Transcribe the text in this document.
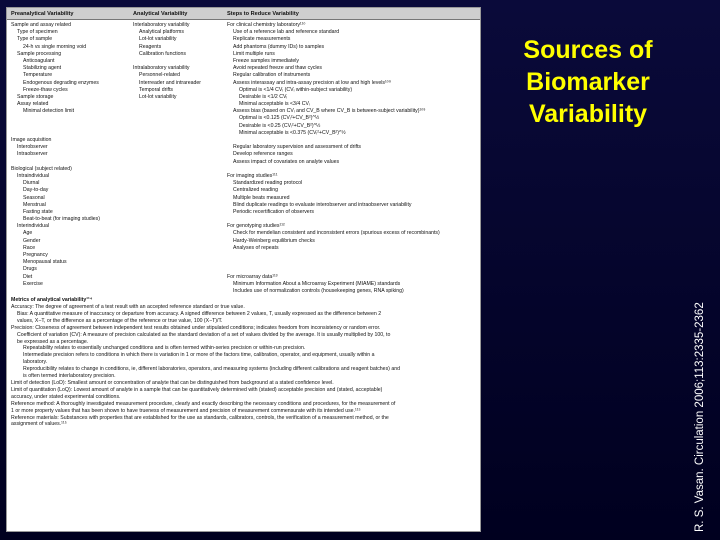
Preanalytical Variability	Analytical Variability	Steps to Reduce Variability
Sample and assay related
Type of specimen
Type of sample
24-h vs single morning void
Sample processing
Anticoagulant
Stabilizing agent
Temperature
Endogenous degrading enzymes
Freeze-thaw cycles
Sample storage
Assay related
Minimal detection limit
Image acquisition
Interobserver
Intraobserver
Biological (subject related)
Intraindividual
Diurnal
Day-to-day
Seasonal
Menstrual
Fasting state
Beat-to-beat (for imaging studies)
Interindividual
Age
Gender
Race
Pregnancy
Menopausal status
Drugs
Diet
Exercise
Interlaboratory variability
Analytical platforms
Lot-lot variability
Reagents
Calibration functions
Intralaboratory variability
Personnel-related
Interreader and intrareader
Temporal drifts
Lot-lot variability
For clinical chemistry laboratory¹¹⁰
Use of a reference lab and reference standard
Replicate measurements
Add phantoms (dummy IDs) to samples
Limit multiple runs
Freeze samples immediately
Avoid repeated freeze and thaw cycles
Regular calibration of instruments
Assess interassay and intra-assay precision at low and high levels¹⁰⁹
Optimal is <1/4 CVᵢ (CVᵢ within-subject variability)
Desirable is <1/2 CVᵢ
Minimal acceptable is <3/4 CVᵢ
Assess bias (based on CVᵢ and CV_B where CV_B is between-subject variability)¹⁰⁹
Optimal is <0.125 (CVᵢ²+CV_B²)^½
Desirable is <0.25 (CVᵢ²+CV_B²)^½
Minimal acceptable is <0.375 (CVᵢ²+CV_B²)^½
Regular laboratory supervision and assessment of drifts
Develop reference ranges
Assess impact of covariates on analyte values
For imaging studies¹¹¹
Standardized reading protocol
Centralized reading
Multiple beats measured
Blind duplicate readings to evaluate interobserver and intraobserver variability
Periodic recertification of observers
For genotyping studies¹¹²
Check for mendelian consistent and inconsistent errors (spurious excess of recombinants)
Hardy-Weinberg equilibrium checks
Analyses of repeats
For microarray data¹¹³
Minimum Information About a Microarray Experiment (MIAME) standards
Includes use of normalization controls (housekeeping genes, RNA spiking)
Metrics of analytical variability¹¹⁴
Accuracy: The degree of agreement of a test result with an accepted reference standard or true value.
Bias: A quantitative measure of inaccuracy or departure from accuracy. A signed difference between 2 values, T, usually expressed as the difference between 2
values, X−T, or the difference as a percentage of the reference or true value, 100 (X−T)/T.
Precision: Closeness of agreement between independent test results obtained under stipulated conditions; indicates freedom from inconsistency or random error.
Coefficient of variation (CV): A measure of precision calculated as the standard deviation of a set of values divided by the average. It is usually multiplied by 100, to
be expressed as a percentage.
Repeatability relates to essentially unchanged conditions and is often termed within-series precision or within-run precision.
Intermediate precision refers to conditions in which there is variation in 1 or more of the factors time, calibration, operator, and equipment, usually within a
laboratory.
Reproducibility relates to change in conditions, ie, different laboratories, operators, and measuring systems (including different calibrations and reagent batches) and
is often termed interlaboratory precision.
Limit of detection (LoD): Smallest amount or concentration of analyte that can be distinguished from background at a stated confidence level.
Limit of quantitation (LoQ): Lowest amount of analyte in a sample that can be quantitatively determined with (stated) acceptable precision and (stated, acceptable)
accuracy, under stated experimental conditions.
Reference method: A thoroughly investigated measurement procedure, clearly and exactly describing the necessary conditions and procedures, for the measurement of
1 or more property values that has been shown to have trueness of measurement and precision of measurement commensurate with its intended use.¹¹⁵
Reference materials: Substances with properties that are established for the use as standards, calibrators, controls, the verification of a measurement method, or the
assignment of values.¹¹⁵
Sources of
Biomarker
Variability
R. S. Vasan. Circulation 2006;113:2335-2362
